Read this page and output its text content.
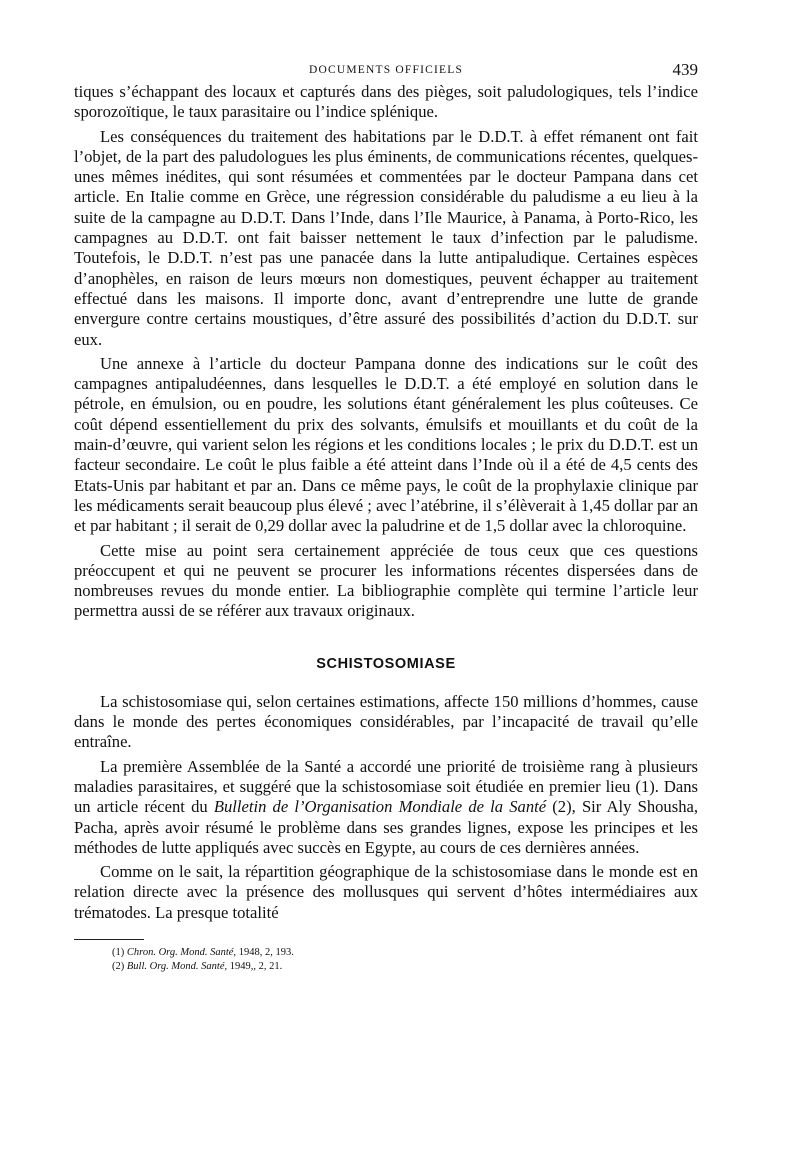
DOCUMENTS OFFICIELS	439

tiques s’échappant des locaux et capturés dans des pièges, soit paludologiques, tels l’indice sporozoïtique, le taux parasitaire ou l’indice splénique.

Les conséquences du traitement des habitations par le D.D.T. à effet rémanent ont fait l’objet, de la part des paludologues les plus éminents, de communications récentes, quelques-unes mêmes inédites, qui sont résumées et commentées par le docteur Pampana dans cet article. En Italie comme en Grèce, une régression considérable du paludisme a eu lieu à la suite de la campagne au D.D.T. Dans l’Inde, dans l’Ile Maurice, à Panama, à Porto-Rico, les campagnes au D.D.T. ont fait baisser nettement le taux d’infection par le paludisme. Toutefois, le D.D.T. n’est pas une panacée dans la lutte antipaludique. Certaines espèces d’anophèles, en raison de leurs mœurs non domestiques, peuvent échapper au traitement effectué dans les maisons. Il importe donc, avant d’entreprendre une lutte de grande envergure contre certains moustiques, d’être assuré des possibilités d’action du D.D.T. sur eux.

Une annexe à l’article du docteur Pampana donne des indications sur le coût des campagnes antipaludéennes, dans lesquelles le D.D.T. a été employé en solution dans le pétrole, en émulsion, ou en poudre, les solutions étant généralement les plus coûteuses. Ce coût dépend essentiellement du prix des solvants, émulsifs et mouillants et du coût de la main-d’œuvre, qui varient selon les régions et les conditions locales ; le prix du D.D.T. est un facteur secondaire. Le coût le plus faible a été atteint dans l’Inde où il a été de 4,5 cents des Etats-Unis par habitant et par an. Dans ce même pays, le coût de la prophylaxie clinique par les médicaments serait beaucoup plus élevé ; avec l’atébrine, il s’élèverait à 1,45 dollar par an et par habitant ; il serait de 0,29 dollar avec la paludrine et de 1,5 dollar avec la chloroquine.

Cette mise au point sera certainement appréciée de tous ceux que ces questions préoccupent et qui ne peuvent se procurer les informations récentes dispersées dans de nombreuses revues du monde entier. La bibliographie complète qui termine l’article leur permettra aussi de se référer aux travaux originaux.

SCHISTOSOMIASE

La schistosomiase qui, selon certaines estimations, affecte 150 millions d’hommes, cause dans le monde des pertes économiques considérables, par l’incapacité de travail qu’elle entraîne.

La première Assemblée de la Santé a accordé une priorité de troisième rang à plusieurs maladies parasitaires, et suggéré que la schistosomiase soit étudiée en premier lieu (1). Dans un article récent du Bulletin de l’Organisation Mondiale de la Santé (2), Sir Aly Shousha, Pacha, après avoir résumé le problème dans ses grandes lignes, expose les principes et les méthodes de lutte appliqués avec succès en Egypte, au cours de ces dernières années.

Comme on le sait, la répartition géographique de la schistosomiase dans le monde est en relation directe avec la présence des mollusques qui servent d’hôtes intermédiaires aux trématodes. La presque totalité

(1) Chron. Org. Mond. Santé, 1948, 2, 193.
(2) Bull. Org. Mond. Santé, 1949,, 2, 21.
